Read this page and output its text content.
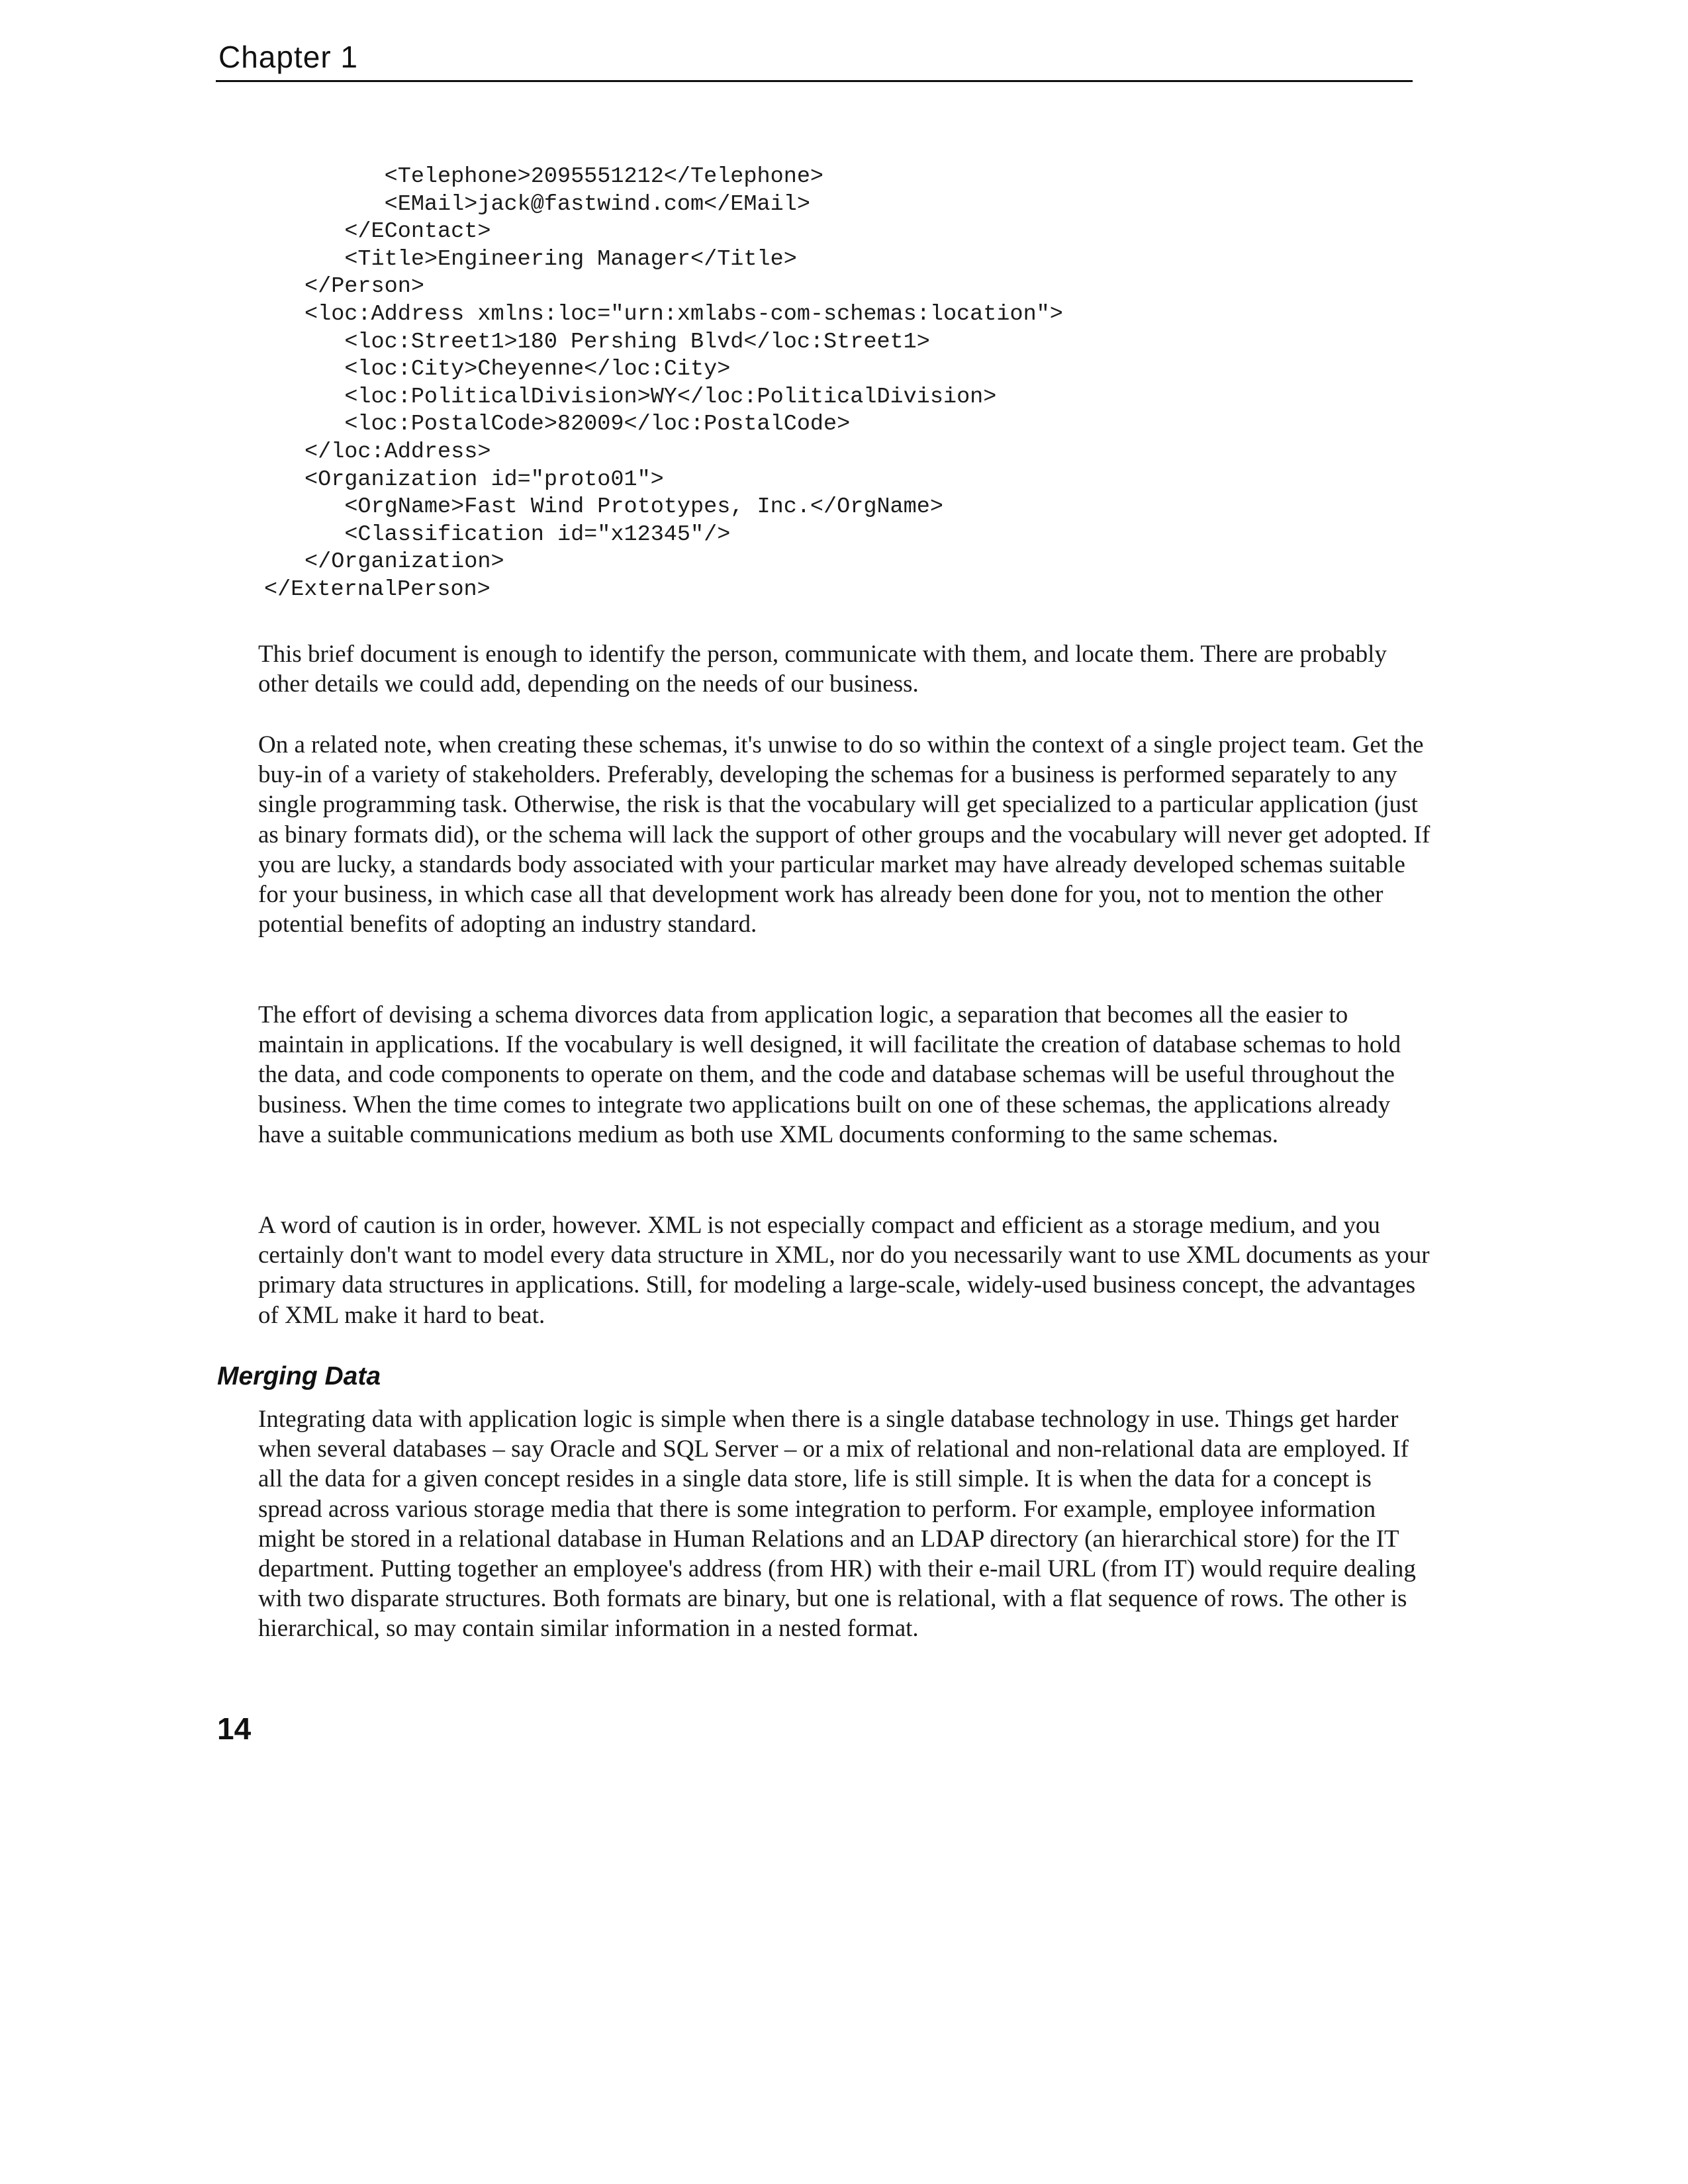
Chapter 1
<Telephone>2095551212</Telephone>
<EMail>jack@fastwind.com</EMail>
</EContact>
<Title>Engineering Manager</Title>
</Person>
<loc:Address xmlns:loc="urn:xmlabs-com-schemas:location">
<loc:Street1>180 Pershing Blvd</loc:Street1>
<loc:City>Cheyenne</loc:City>
<loc:PoliticalDivision>WY</loc:PoliticalDivision>
<loc:PostalCode>82009</loc:PostalCode>
</loc:Address>
<Organization id="proto01">
<OrgName>Fast Wind Prototypes, Inc.</OrgName>
<Classification id="x12345"/>
</Organization>
</ExternalPerson>

This brief document is enough to identify the person, communicate with them, and locate them. There are probably other details we could add, depending on the needs of our business.

On a related note, when creating these schemas, it's unwise to do so within the context of a single project team. Get the buy-in of a variety of stakeholders. Preferably, developing the schemas for a business is performed separately to any single programming task. Otherwise, the risk is that the vocabulary will get specialized to a particular application (just as binary formats did), or the schema will lack the support of other groups and the vocabulary will never get adopted. If you are lucky, a standards body associated with your particular market may have already developed schemas suitable for your business, in which case all that development work has already been done for you, not to mention the other potential benefits of adopting an industry standard.

The effort of devising a schema divorces data from application logic, a separation that becomes all the easier to maintain in applications. If the vocabulary is well designed, it will facilitate the creation of database schemas to hold the data, and code components to operate on them, and the code and database schemas will be useful throughout the business. When the time comes to integrate two applications built on one of these schemas, the applications already have a suitable communications medium as both use XML documents conforming to the same schemas.

A word of caution is in order, however. XML is not especially compact and efficient as a storage medium, and you certainly don't want to model every data structure in XML, nor do you necessarily want to use XML documents as your primary data structures in applications. Still, for modeling a large-scale, widely-used business concept, the advantages of XML make it hard to beat.

Merging Data

Integrating data with application logic is simple when there is a single database technology in use. Things get harder when several databases – say Oracle and SQL Server – or a mix of relational and non-relational data are employed. If all the data for a given concept resides in a single data store, life is still simple. It is when the data for a concept is spread across various storage media that there is some integration to perform. For example, employee information might be stored in a relational database in Human Relations and an LDAP directory (an hierarchical store) for the IT department. Putting together an employee's address (from HR) with their e-mail URL (from IT) would require dealing with two disparate structures. Both formats are binary, but one is relational, with a flat sequence of rows. The other is hierarchical, so may contain similar information in a nested format.

14
